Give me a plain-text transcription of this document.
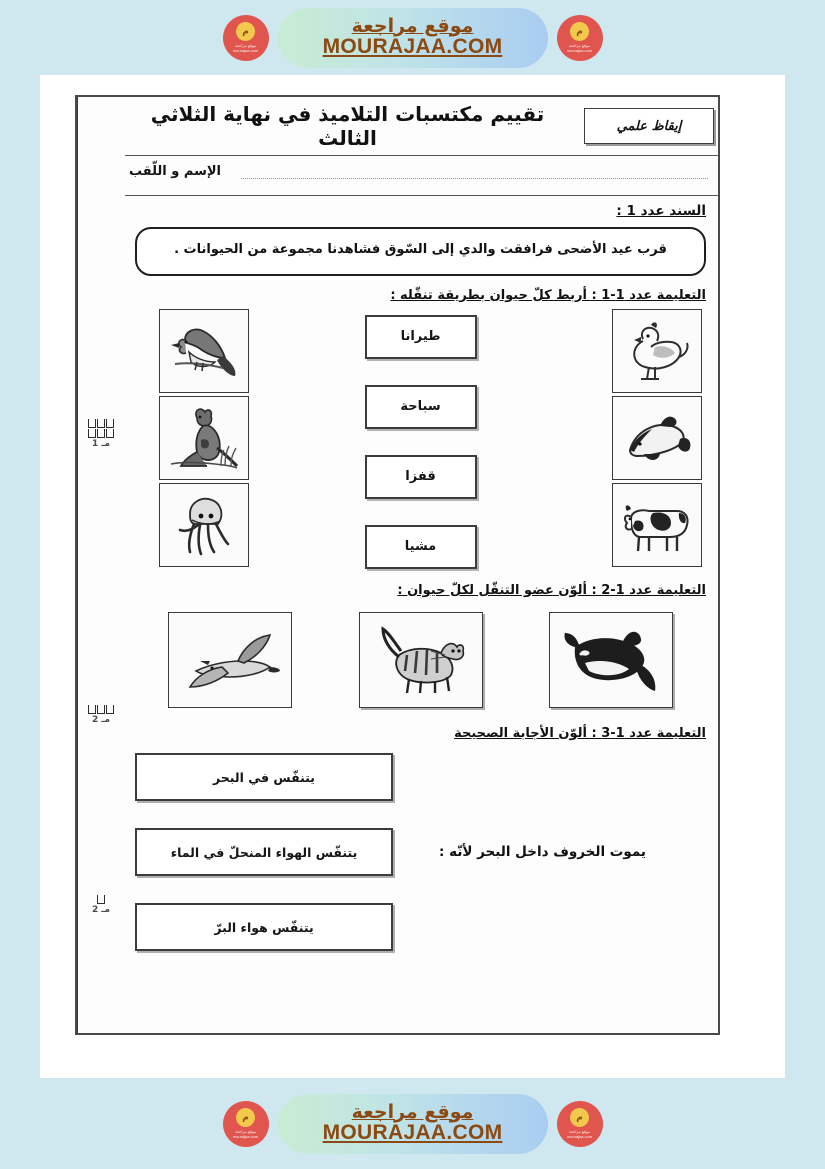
م
موقع مراجعة mourajaa.com
موقع مراجعة
MOURAJAA.COM
م
موقع مراجعة mourajaa.com
مـ 1
مـ 2
مـ 2
إيقاظ علمي
تقييم مكتسبات التلاميذ في نهاية الثلاثي الثالث
الإسم و اللّقب
السند عدد 1 :
قرب عيد الأضحى فرافقت والدي إلى السّوق فشاهدنا مجموعة من الحيوانات .
التعليمة عدد 1-1 : أربط كلّ حيوان بطريقة تنقّله :
طيرانا
سباحة
قفزا
مشيا
التعليمة عدد 1-2 : ألوّن عضو التنقّل لكلّ حيوان :
التعليمة عدد 1-3 : ألوّن الأجابة الصحيحة
يموت الخروف داخل البحر لأنّه :
يتنفّس في البحر
يتنفّس الهواء المنحلّ في الماء
يتنفّس هواء البرّ
م
موقع مراجعة mourajaa.com
موقع مراجعة
MOURAJAA.COM
م
موقع مراجعة mourajaa.com
